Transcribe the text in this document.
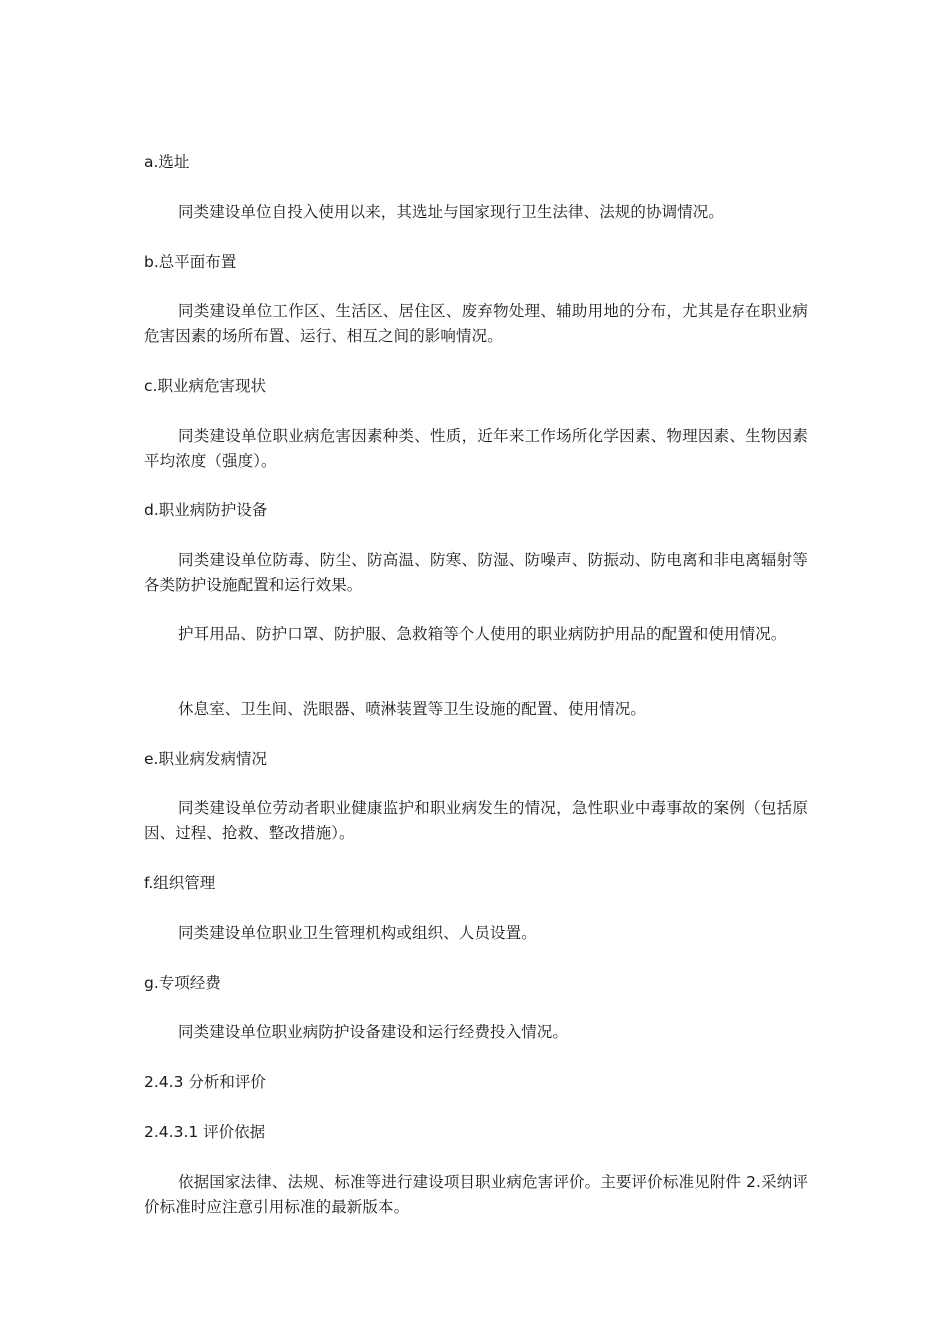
a.选址
同类建设单位自投入使用以来，其选址与国家现行卫生法律、法规的协调情况。
b.总平面布置
同类建设单位工作区、生活区、居住区、废弃物处理、辅助用地的分布，尤其是存在职业病危害因素的场所布置、运行、相互之间的影响情况。
c.职业病危害现状
同类建设单位职业病危害因素种类、性质，近年来工作场所化学因素、物理因素、生物因素平均浓度（强度）。
d.职业病防护设备
同类建设单位防毒、防尘、防高温、防寒、防湿、防噪声、防振动、防电离和非电离辐射等各类防护设施配置和运行效果。
护耳用品、防护口罩、防护服、急救箱等个人使用的职业病防护用品的配置和使用情况。
休息室、卫生间、洗眼器、喷淋装置等卫生设施的配置、使用情况。
e.职业病发病情况
同类建设单位劳动者职业健康监护和职业病发生的情况，急性职业中毒事故的案例（包括原因、过程、抢救、整改措施）。
f.组织管理
同类建设单位职业卫生管理机构或组织、人员设置。
g.专项经费
同类建设单位职业病防护设备建设和运行经费投入情况。
2.4.3 分析和评价
2.4.3.1 评价依据
依据国家法律、法规、标准等进行建设项目职业病危害评价。主要评价标准见附件 2.采纳评价标准时应注意引用标准的最新版本。
